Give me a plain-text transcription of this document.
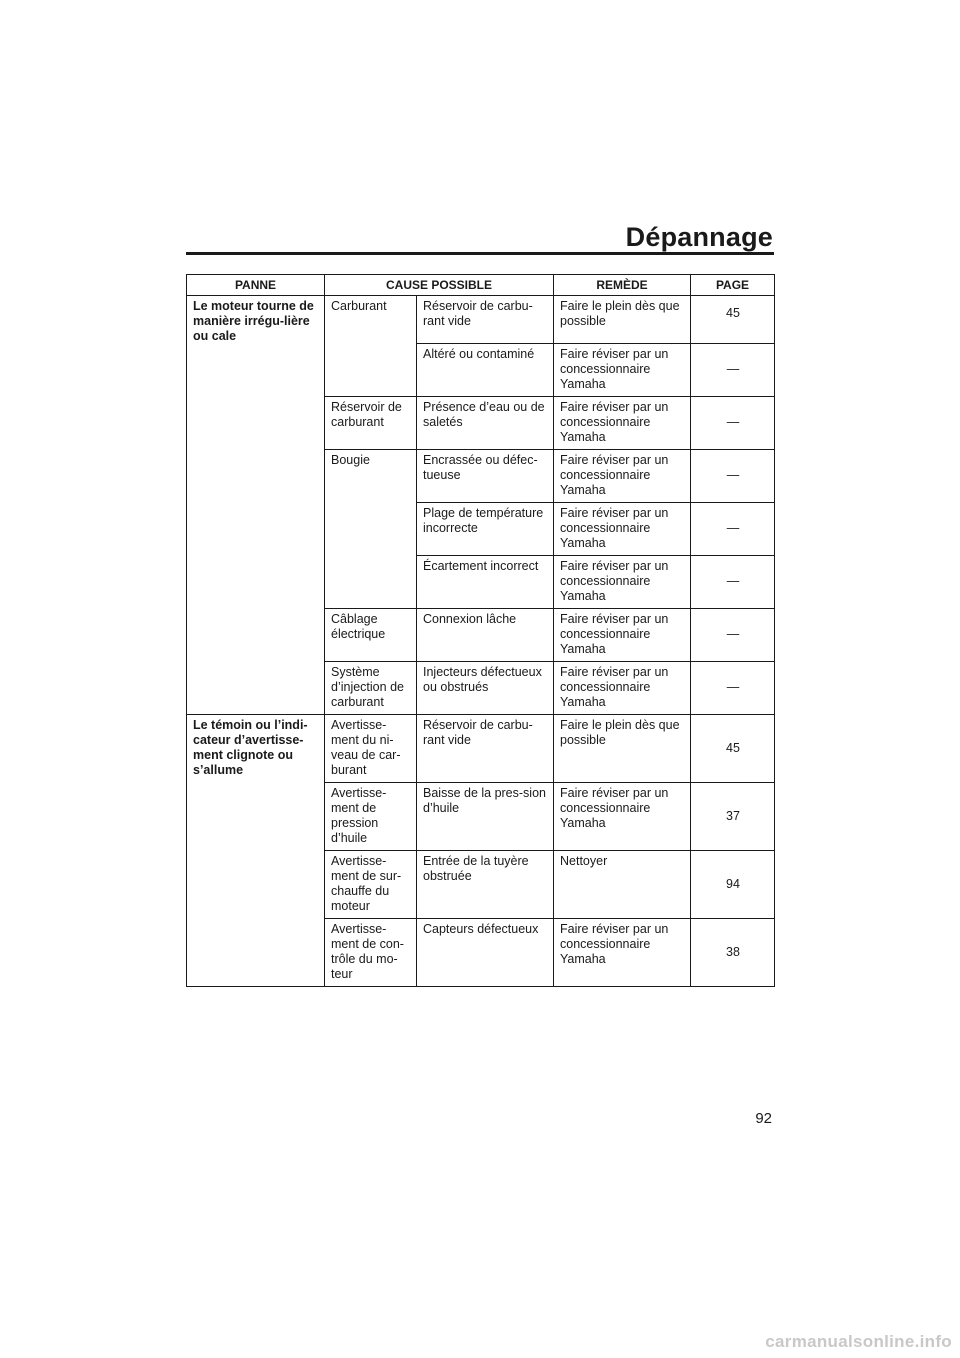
Dépannage
PANNE	CAUSE POSSIBLE		REMÈDE	PAGE
Le moteur tourne de manière irrégu-lière ou cale	Carburant	Réservoir de carbu-rant vide	Faire le plein dès que possible	45
		Altéré ou contaminé	Faire réviser par un concessionnaire Yamaha	—
	Réservoir de carburant	Présence d’eau ou de saletés	Faire réviser par un concessionnaire Yamaha	—
	Bougie	Encrassée ou défec-tueuse	Faire réviser par un concessionnaire Yamaha	—
		Plage de température incorrecte	Faire réviser par un concessionnaire Yamaha	—
		Écartement incorrect	Faire réviser par un concessionnaire Yamaha	—
	Câblage électrique	Connexion lâche	Faire réviser par un concessionnaire Yamaha	—
	Système d’injection de carburant	Injecteurs défectueux ou obstrués	Faire réviser par un concessionnaire Yamaha	—
Le témoin ou l’indi-cateur d’avertisse-ment clignote ou s’allume	Avertisse-ment du ni-veau de car-burant	Réservoir de carbu-rant vide	Faire le plein dès que possible	45
	Avertisse-ment de pression d’huile	Baisse de la pres-sion d’huile	Faire réviser par un concessionnaire Yamaha	37
	Avertisse-ment de sur-chauffe du moteur	Entrée de la tuyère obstruée	Nettoyer	94
	Avertisse-ment de con-trôle du mo-teur	Capteurs défectueux	Faire réviser par un concessionnaire Yamaha	38
92
carmanualsonline.info
